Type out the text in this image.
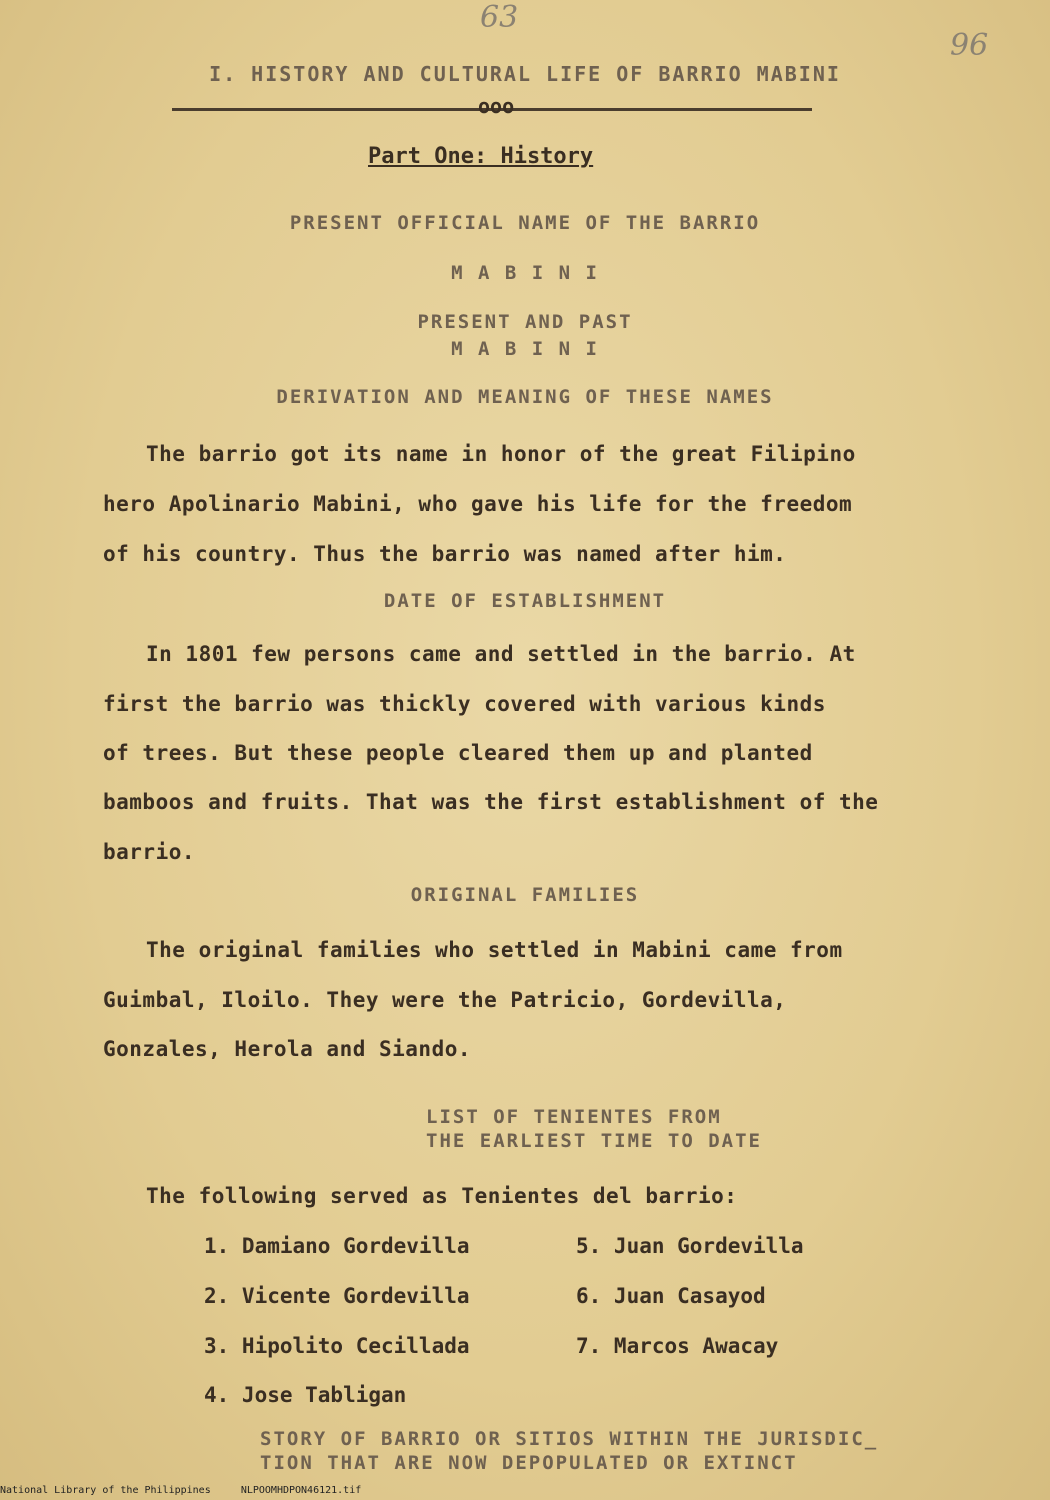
63
96
I. HISTORY AND CULTURAL LIFE OF BARRIO MABINI
ooo
Part One: History
PRESENT OFFICIAL NAME OF THE BARRIO
M A B I N I
PRESENT AND PAST
M A B I N I
DERIVATION AND MEANING OF THESE NAMES
The barrio got its name in honor of the great Filipino
hero Apolinario Mabini, who gave his life for the freedom
of his country. Thus the barrio was named after him.
DATE OF ESTABLISHMENT
In 1801 few persons came and settled in the barrio. At
first the barrio was thickly covered with various kinds
of trees. But these people cleared them up and planted
bamboos and fruits. That was the first establishment of the
barrio.
ORIGINAL FAMILIES
The original families who settled in Mabini came from
Guimbal, Iloilo. They were the Patricio, Gordevilla,
Gonzales, Herola and Siando.
LIST OF TENIENTES FROM
THE EARLIEST TIME TO DATE
The following served as Tenientes del barrio:
1. Damiano Gordevilla
2. Vicente Gordevilla
3. Hipolito Cecillada
4. Jose Tabligan
5. Juan Gordevilla
6. Juan Casayod
7. Marcos Awacay
STORY OF BARRIO OR SITIOS WITHIN THE JURISDIC_
TION THAT ARE NOW DEPOPULATED OR EXTINCT
National Library of the Philippines	NLPOOMHDPON46121.tif
